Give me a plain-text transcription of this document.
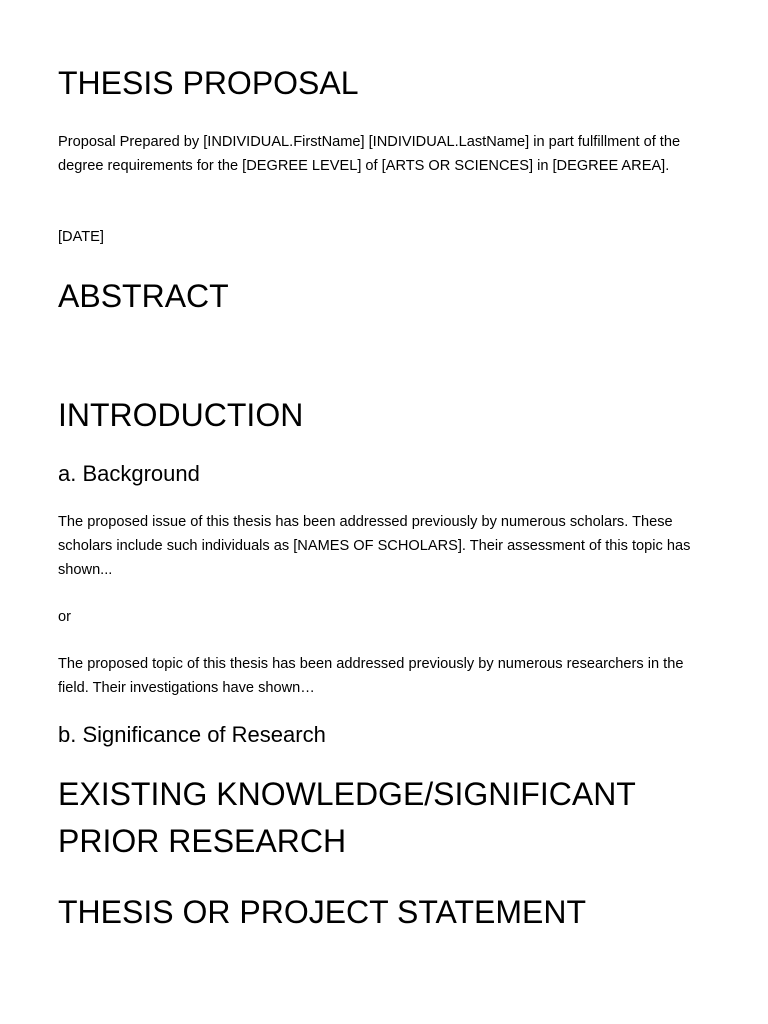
THESIS PROPOSAL

Proposal Prepared by [INDIVIDUAL.FirstName] [INDIVIDUAL.LastName] in part fulfillment of the degree requirements for the [DEGREE LEVEL] of [ARTS OR SCIENCES] in [DEGREE AREA].

[DATE]

ABSTRACT
INTRODUCTION
a. Background

The proposed issue of this thesis has been addressed previously by numerous scholars. These scholars include such individuals as [NAMES OF SCHOLARS]. Their assessment of this topic has shown...

or

The proposed topic of this thesis has been addressed previously by numerous researchers in the field. Their investigations have shown…

b. Significance of Research
EXISTING KNOWLEDGE/SIGNIFICANT PRIOR RESEARCH
THESIS OR PROJECT STATEMENT
